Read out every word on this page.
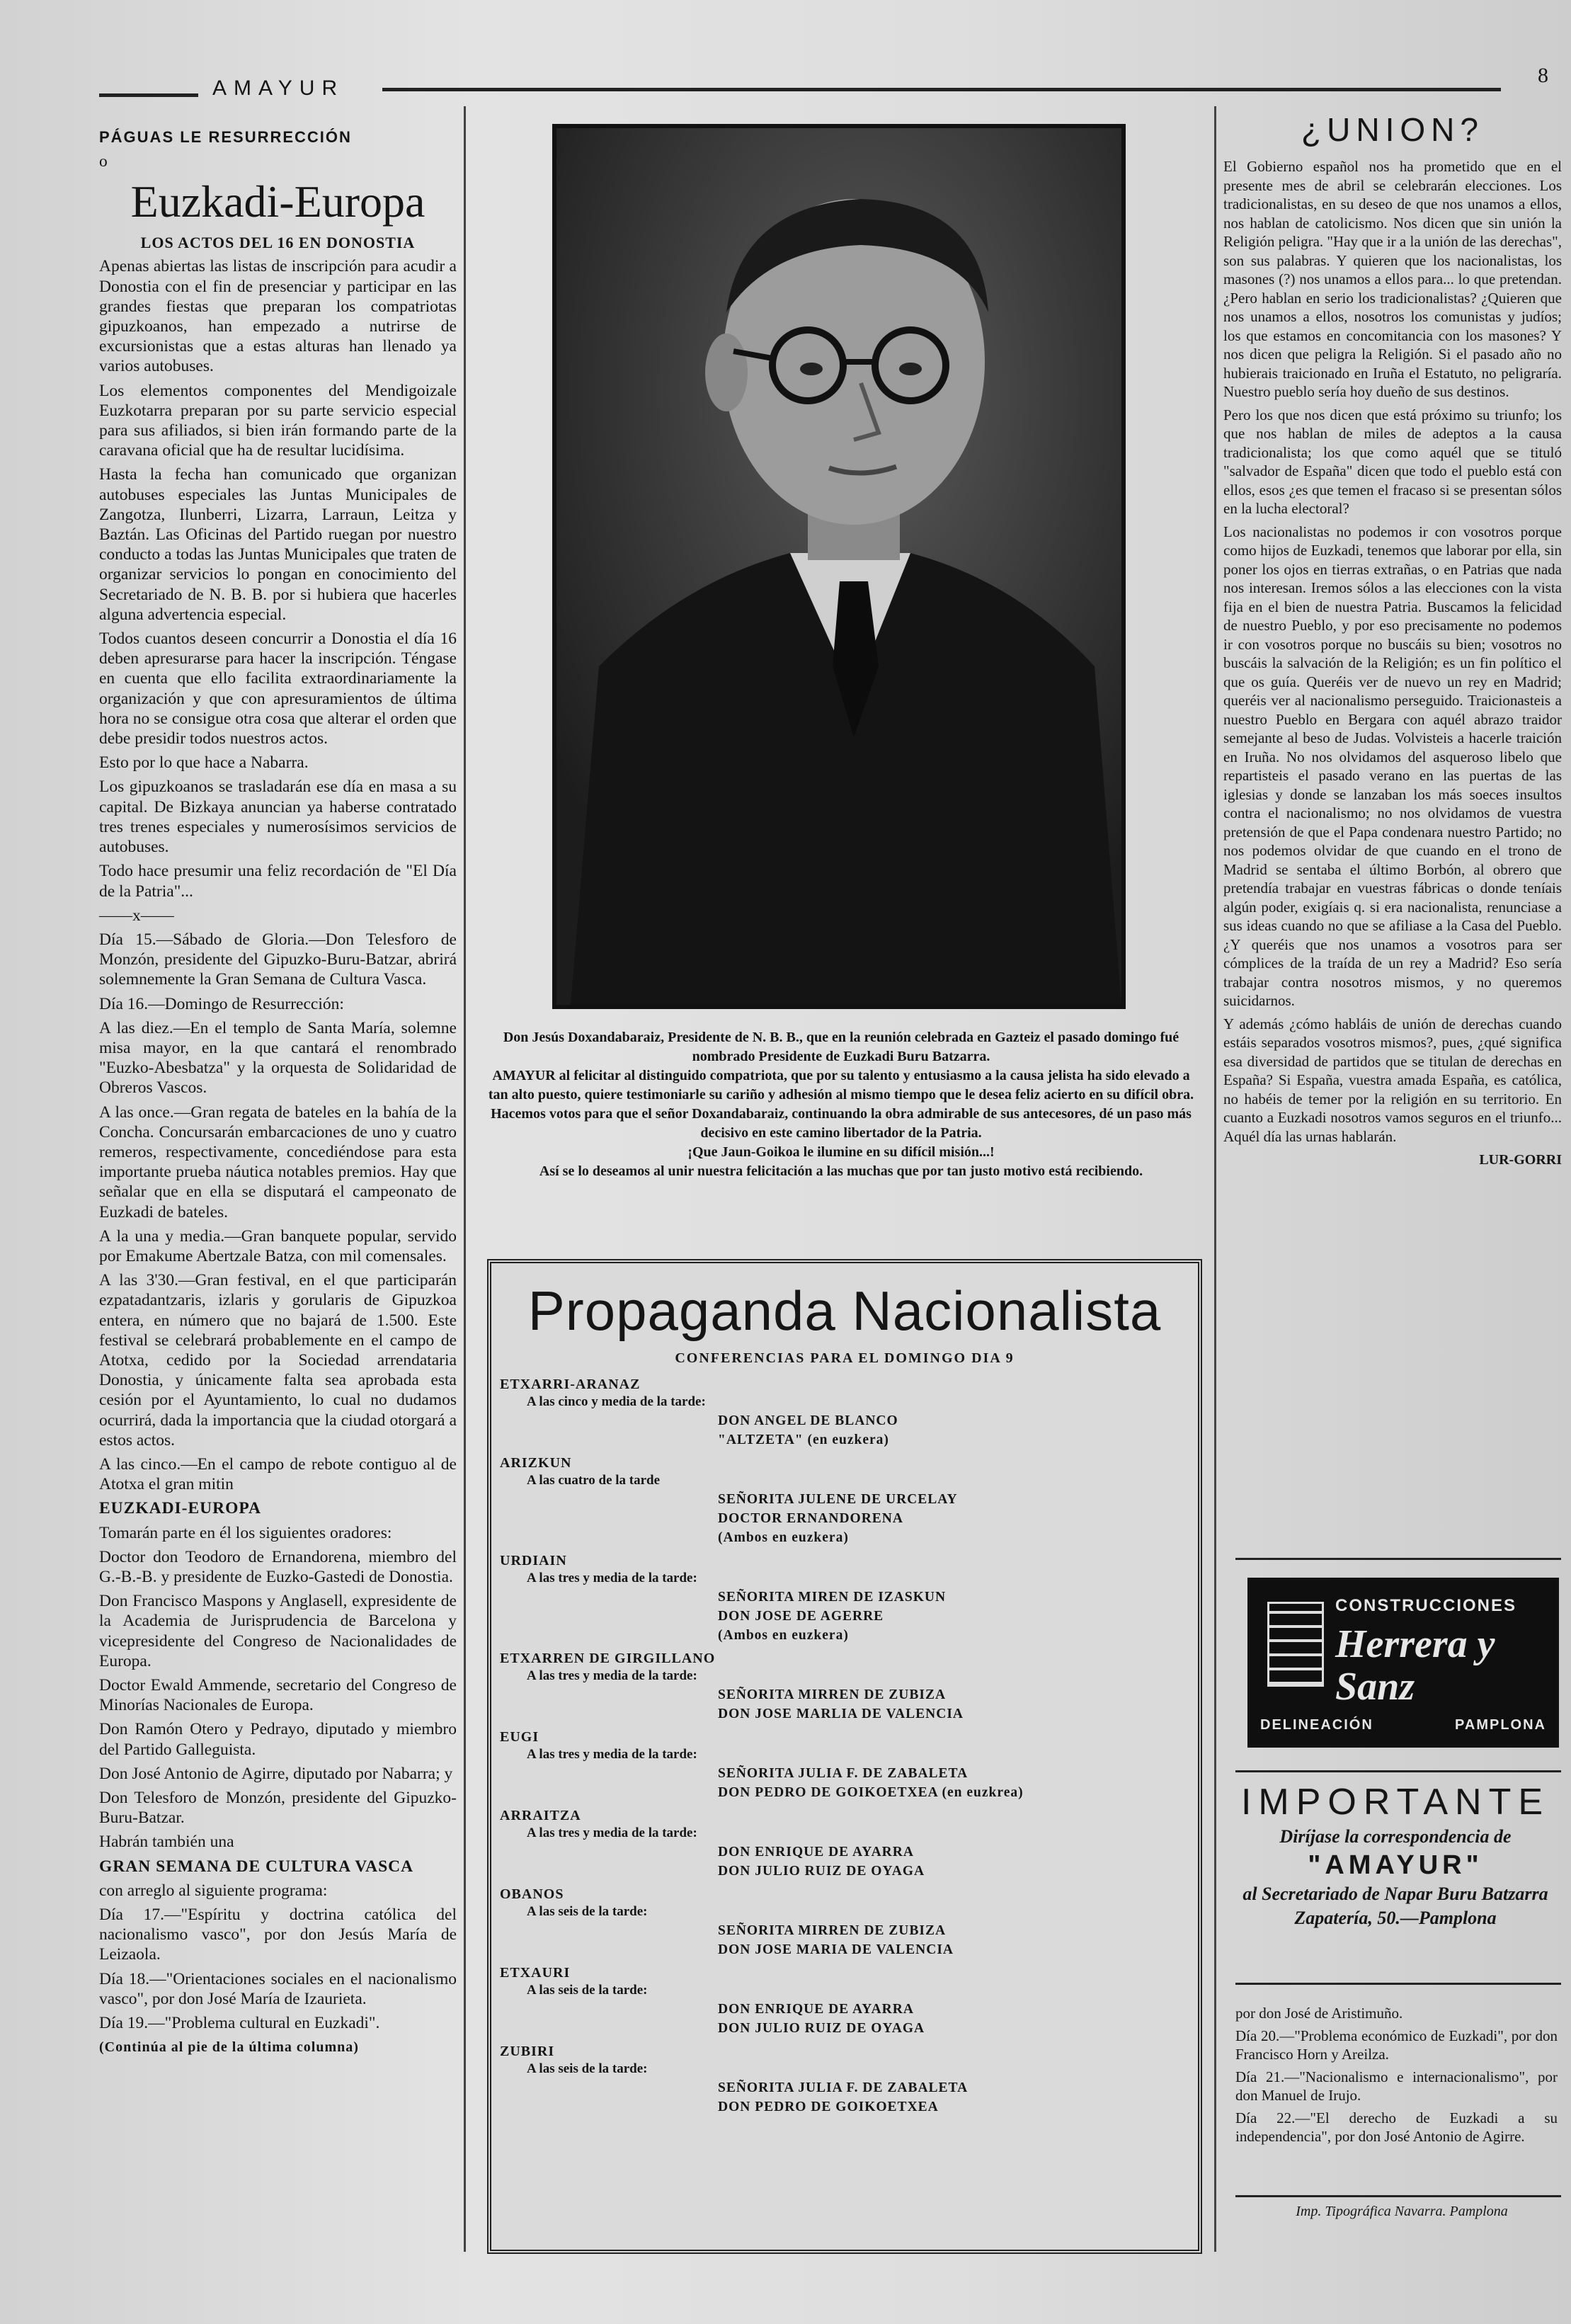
AMAYUR
8

PÁGUAS LE RESURRECCIÓN

o

Euzkadi-Europa
LOS ACTOS DEL 16 EN DONOSTIA

Apenas abiertas las listas de inscripción para acudir a Donostia con el fin de presenciar y participar en las grandes fiestas que preparan los compatriotas gipuzkoanos, han empezado a nutrirse de excursionistas que a estas alturas han llenado ya varios autobuses.

Los elementos componentes del Mendigoizale Euzkotarra preparan por su parte servicio especial para sus afiliados, si bien irán formando parte de la caravana oficial que ha de resultar lucidísima.

Hasta la fecha han comunicado que organizan autobuses especiales las Juntas Municipales de Zangotza, Ilunberri, Lizarra, Larraun, Leitza y Baztán. Las Oficinas del Partido ruegan por nuestro conducto a todas las Juntas Municipales que traten de organizar servicios lo pongan en conocimiento del Secretariado de N. B. B. por si hubiera que hacerles alguna advertencia especial.

Todos cuantos deseen concurrir a Donostia el día 16 deben apresurarse para hacer la inscripción. Téngase en cuenta que ello facilita extraordinariamente la organización y que con apresuramientos de última hora no se consigue otra cosa que alterar el orden que debe presidir todos nuestros actos.

Esto por lo que hace a Nabarra.

Los gipuzkoanos se trasladarán ese día en masa a su capital. De Bizkaya anuncian ya haberse contratado tres trenes especiales y numerosísimos servicios de autobuses.

Todo hace presumir una feliz recordación de "El Día de la Patria"...

——x——

Día 15.—Sábado de Gloria.—Don Telesforo de Monzón, presidente del Gipuzko-Buru-Batzar, abrirá solemnemente la Gran Semana de Cultura Vasca.

Día 16.—Domingo de Resurrección:

A las diez.—En el templo de Santa María, solemne misa mayor, en la que cantará el renombrado "Euzko-Abesbatza" y la orquesta de Solidaridad de Obreros Vascos.

A las once.—Gran regata de bateles en la bahía de la Concha. Concursarán embarcaciones de uno y cuatro remeros, respectivamente, concediéndose para esta importante prueba náutica notables premios. Hay que señalar que en ella se disputará el campeonato de Euzkadi de bateles.

A la una y media.—Gran banquete popular, servido por Emakume Abertzale Batza, con mil comensales.

A las 3'30.—Gran festival, en el que participarán ezpatadantzaris, izlaris y gorularis de Gipuzkoa entera, en número que no bajará de 1.500. Este festival se celebrará probablemente en el campo de Atotxa, cedido por la Sociedad arrendataria Donostia, y únicamente falta sea aprobada esta cesión por el Ayuntamiento, lo cual no dudamos ocurrirá, dada la importancia que la ciudad otorgará a estos actos.

A las cinco.—En el campo de rebote contiguo al de Atotxa el gran mitin

EUZKADI-EUROPA

Tomarán parte en él los siguientes oradores:

Doctor don Teodoro de Ernandorena, miembro del G.-B.-B. y presidente de Euzko-Gastedi de Donostia.

Don Francisco Maspons y Anglasell, expresidente de la Academia de Jurisprudencia de Barcelona y vicepresidente del Congreso de Nacionalidades de Europa.

Doctor Ewald Ammende, secretario del Congreso de Minorías Nacionales de Europa.

Don Ramón Otero y Pedrayo, diputado y miembro del Partido Galleguista.

Don José Antonio de Agirre, diputado por Nabarra; y

Don Telesforo de Monzón, presidente del Gipuzko-Buru-Batzar.

Habrán también una

GRAN SEMANA DE CULTURA VASCA

con arreglo al siguiente programa:

Día 17.—"Espíritu y doctrina católica del nacionalismo vasco", por don Jesús María de Leizaola.

Día 18.—"Orientaciones sociales en el nacionalismo vasco", por don José María de Izaurieta.

Día 19.—"Problema cultural en Euzkadi".

(Continúa al pie de la última columna)

Don Jesús Doxandabaraiz, Presidente de N. B. B., que en la reunión celebrada en Gazteiz el pasado domingo fué nombrado Presidente de Euzkadi Buru Batzarra.

AMAYUR al felicitar al distinguido compatriota, que por su talento y entusiasmo a la causa jelista ha sido elevado a tan alto puesto, quiere testimoniarle su cariño y adhesión al mismo tiempo que le desea feliz acierto en su difícil obra.

Hacemos votos para que el señor Doxandabaraiz, continuando la obra admirable de sus antecesores, dé un paso más decisivo en este camino libertador de la Patria.

¡Que Jaun-Goikoa le ilumine en su difícil misión...!

Así se lo deseamos al unir nuestra felicitación a las muchas que por tan justo motivo está recibiendo.

Propaganda Nacionalista
CONFERENCIAS PARA EL DOMINGO DIA 9
ETXARRI-ARANAZ
A las cinco y media de la tarde:
DON ANGEL DE BLANCO
"ALTZETA" (en euzkera)
ARIZKUN
A las cuatro de la tarde
SEÑORITA JULENE DE URCELAY
DOCTOR ERNANDORENA
(Ambos en euzkera)
URDIAIN
A las tres y media de la tarde:
SEÑORITA MIREN DE IZASKUN
DON JOSE DE AGERRE
(Ambos en euzkera)
ETXARREN DE GIRGILLANO
A las tres y media de la tarde:
SEÑORITA MIRREN DE ZUBIZA
DON JOSE MARLIA DE VALENCIA
EUGI
A las tres y media de la tarde:
SEÑORITA JULIA F. DE ZABALETA
DON PEDRO DE GOIKOETXEA (en euzkrea)
ARRAITZA
A las tres y media de la tarde:
DON ENRIQUE DE AYARRA
DON JULIO RUIZ DE OYAGA
OBANOS
A las seis de la tarde:
SEÑORITA MIRREN DE ZUBIZA
DON JOSE MARIA DE VALENCIA
ETXAURI
A las seis de la tarde:
DON ENRIQUE DE AYARRA
DON JULIO RUIZ DE OYAGA
ZUBIRI
A las seis de la tarde:
SEÑORITA JULIA F. DE ZABALETA
DON PEDRO DE GOIKOETXEA
¿UNION?

El Gobierno español nos ha prometido que en el presente mes de abril se celebrarán elecciones. Los tradicionalistas, en su deseo de que nos unamos a ellos, nos hablan de catolicismo. Nos dicen que sin unión la Religión peligra. "Hay que ir a la unión de las derechas", son sus palabras. Y quieren que los nacionalistas, los masones (?) nos unamos a ellos para... lo que pretendan. ¿Pero hablan en serio los tradicionalistas? ¿Quieren que nos unamos a ellos, nosotros los comunistas y judíos; los que estamos en concomitancia con los masones? Y nos dicen que peligra la Religión. Si el pasado año no hubierais traicionado en Iruña el Estatuto, no peligraría. Nuestro pueblo sería hoy dueño de sus destinos.

Pero los que nos dicen que está próximo su triunfo; los que nos hablan de miles de adeptos a la causa tradicionalista; los que como aquél que se tituló "salvador de España" dicen que todo el pueblo está con ellos, esos ¿es que temen el fracaso si se presentan sólos en la lucha electoral?

Los nacionalistas no podemos ir con vosotros porque como hijos de Euzkadi, tenemos que laborar por ella, sin poner los ojos en tierras extrañas, o en Patrias que nada nos interesan. Iremos sólos a las elecciones con la vista fija en el bien de nuestra Patria. Buscamos la felicidad de nuestro Pueblo, y por eso precisamente no podemos ir con vosotros porque no buscáis su bien; vosotros no buscáis la salvación de la Religión; es un fin político el que os guía. Queréis ver de nuevo un rey en Madrid; queréis ver al nacionalismo perseguido. Traicionasteis a nuestro Pueblo en Bergara con aquél abrazo traidor semejante al beso de Judas. Volvisteis a hacerle traición en Iruña. No nos olvidamos del asqueroso libelo que repartisteis el pasado verano en las puertas de las iglesias y donde se lanzaban los más soeces insultos contra el nacionalismo; no nos olvidamos de vuestra pretensión de que el Papa condenara nuestro Partido; no nos podemos olvidar de que cuando en el trono de Madrid se sentaba el último Borbón, al obrero que pretendía trabajar en vuestras fábricas o donde teníais algún poder, exigíais q. si era nacionalista, renunciase a sus ideas cuando no que se afiliase a la Casa del Pueblo. ¿Y queréis que nos unamos a vosotros para ser cómplices de la traída de un rey a Madrid? Eso sería trabajar contra nosotros mismos, y no queremos suicidarnos.

Y además ¿cómo habláis de unión de derechas cuando estáis separados vosotros mismos?, pues, ¿qué significa esa diversidad de partidos que se titulan de derechas en España? Si España, vuestra amada España, es católica, no habéis de temer por la religión en su territorio. En cuanto a Euzkadi nosotros vamos seguros en el triunfo... Aquél día las urnas hablarán.

LUR-GORRI

CONSTRUCCIONES
Herrera y Sanz
DELINEACIÓN	PAMPLONA
IMPORTANTE
Diríjase la correspondencia de
"AMAYUR"
al Secretariado de Napar Buru Batzarra
Zapatería, 50.—Pamplona

por don José de Aristimuño.

Día 20.—"Problema económico de Euzkadi", por don Francisco Horn y Areilza.

Día 21.—"Nacionalismo e internacionalismo", por don Manuel de Irujo.

Día 22.—"El derecho de Euzkadi a su independencia", por don José Antonio de Agirre.

Imp. Tipográfica Navarra. Pamplona
